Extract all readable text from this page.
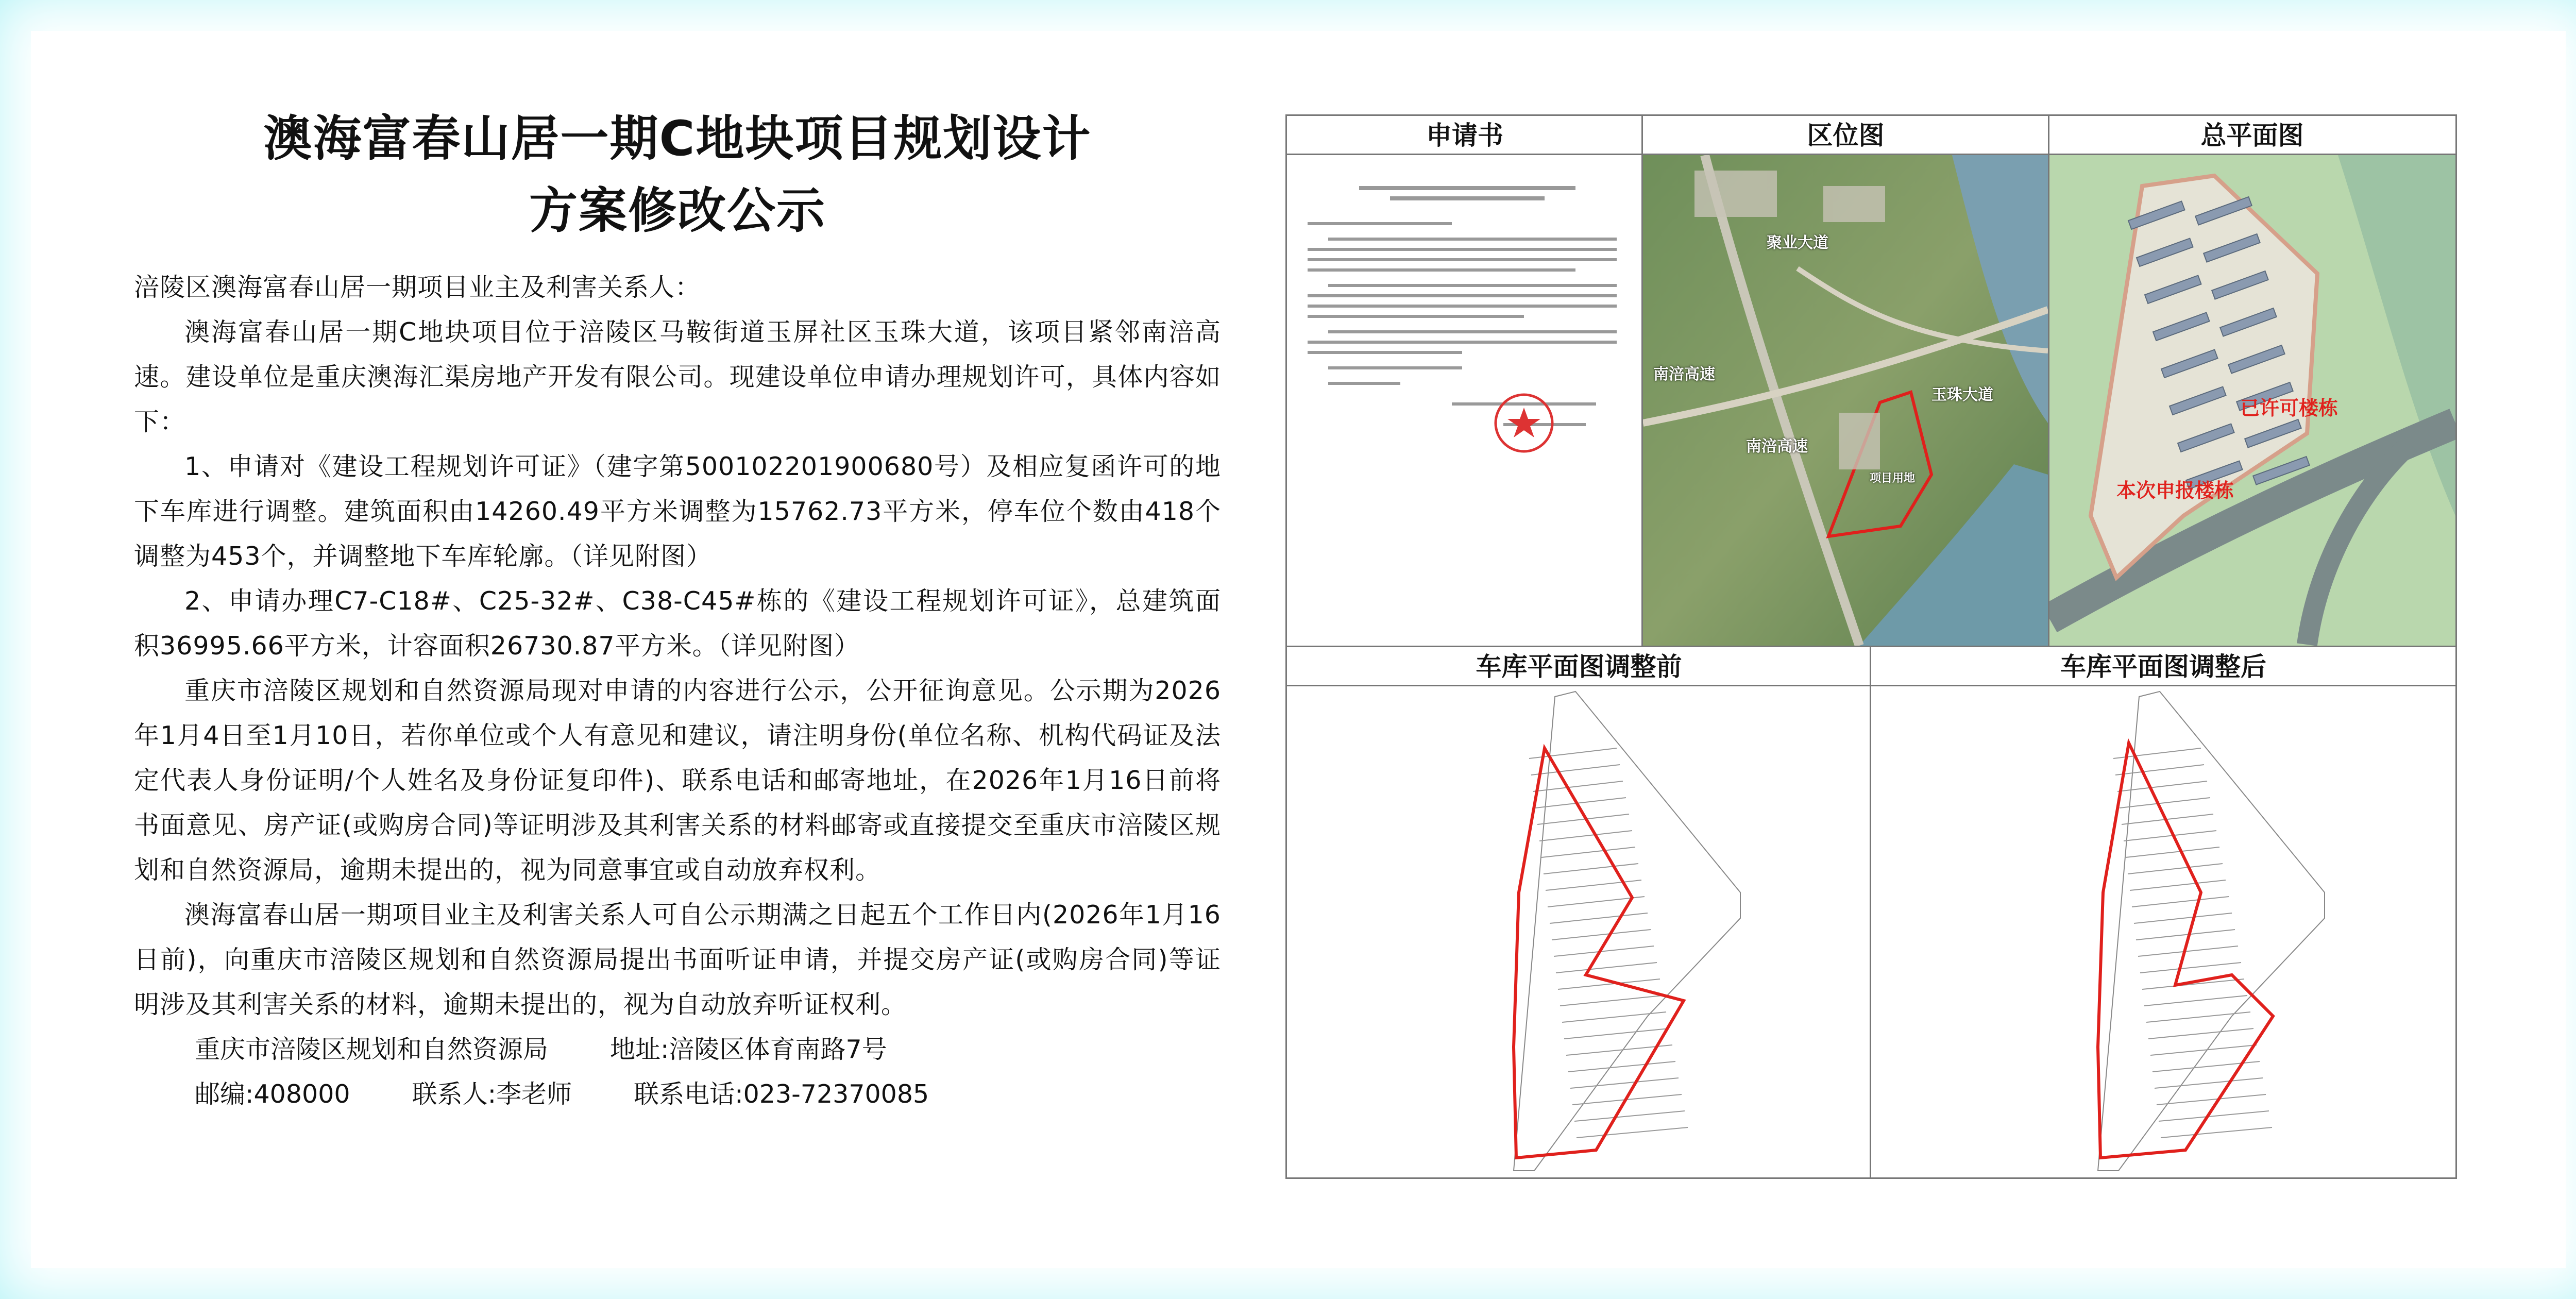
澳海富春山居一期C地块项目规划设计
方案修改公示

涪陵区澳海富春山居一期项目业主及利害关系人：

澳海富春山居一期C地块项目位于涪陵区马鞍街道玉屏社区玉珠大道，该项目紧邻南涪高速。建设单位是重庆澳海汇渠房地产开发有限公司。现建设单位申请办理规划许可，具体内容如下：

1、申请对《建设工程规划许可证》（建字第500102201900680号）及相应复函许可的地下车库进行调整。建筑面积由14260.49平方米调整为15762.73平方米，停车位个数由418个调整为453个，并调整地下车库轮廓。（详见附图）

2、申请办理C7-C18#、C25-32#、C38-C45#栋的《建设工程规划许可证》，总建筑面积36995.66平方米，计容面积26730.87平方米。（详见附图）

重庆市涪陵区规划和自然资源局现对申请的内容进行公示，公开征询意见。公示期为2026年1月4日至1月10日，若你单位或个人有意见和建议，请注明身份(单位名称、机构代码证及法定代表人身份证明/个人姓名及身份证复印件)、联系电话和邮寄地址，在2026年1月16日前将书面意见、房产证(或购房合同)等证明涉及其利害关系的材料邮寄或直接提交至重庆市涪陵区规划和自然资源局，逾期未提出的，视为同意事宜或自动放弃权利。

澳海富春山居一期项目业主及利害关系人可自公示期满之日起五个工作日内(2026年1月16日前)，向重庆市涪陵区规划和自然资源局提出书面听证申请，并提交房产证(或购房合同)等证明涉及其利害关系的材料，逾期未提出的，视为自动放弃听证权利。

重庆市涪陵区规划和自然资源局 地址:涪陵区体育南路7号
邮编:408000 联系人:李老师 联系电话:023-72370085
申请书	区位图	总平面图
聚业大道
南涪高速
玉珠大道
南涪高速
项目用地
已许可楼栋
本次申报楼栋
车库平面图调整前	车库平面图调整后
